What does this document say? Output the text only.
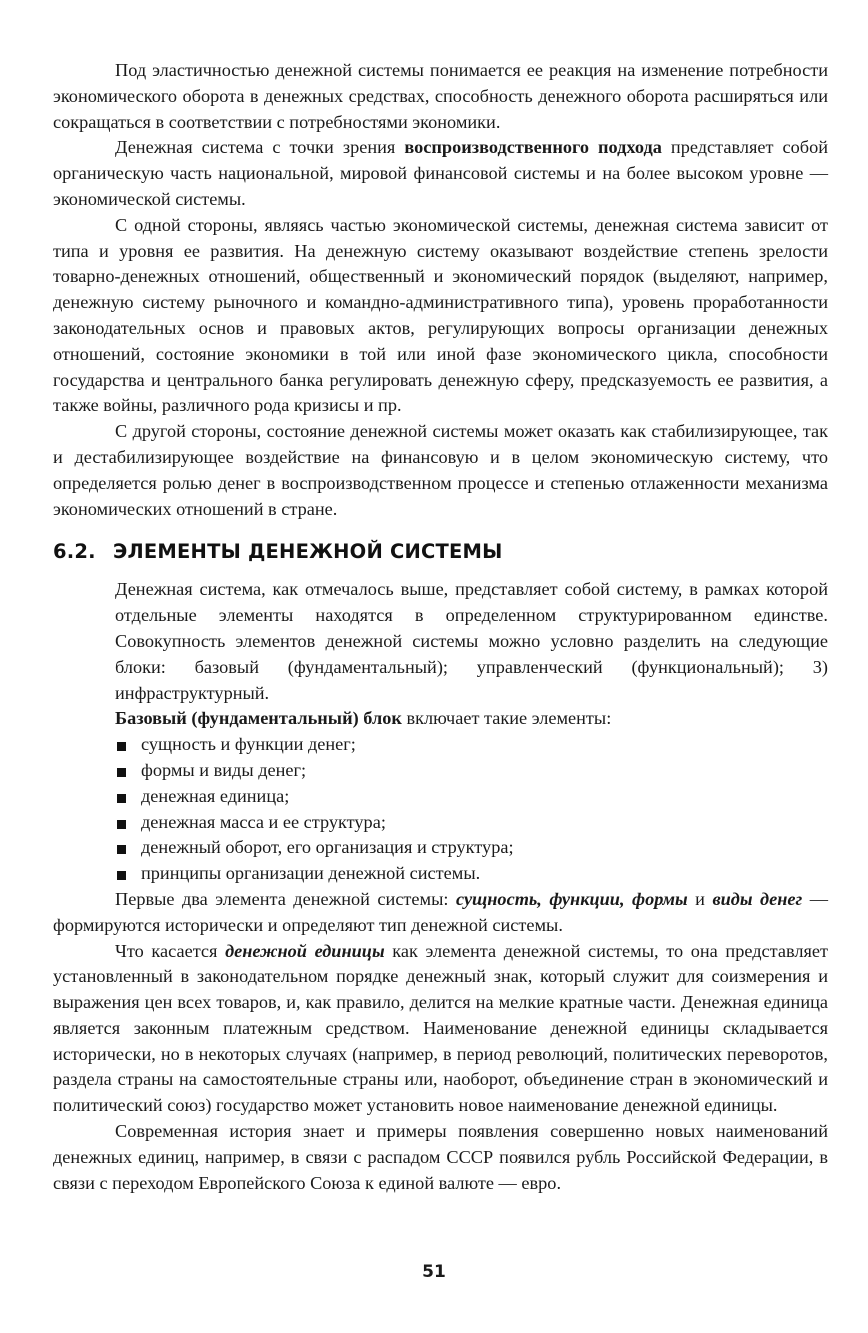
Под эластичностью денежной системы понимается ее реакция на изменение потребности экономического оборота в денежных средствах, способность денежного оборота расширяться или сокращаться в соответствии с потребностями экономики.

Денежная система с точки зрения воспроизводственного подхода представляет собой органическую часть национальной, мировой финансовой системы и на более высоком уровне — экономической системы.

С одной стороны, являясь частью экономической системы, денежная система зависит от типа и уровня ее развития. На денежную систему оказывают воздействие степень зрелости товарно-денежных отношений, общественный и экономический порядок (выделяют, например, денежную систему рыночного и командно-административного типа), уровень проработанности законодательных основ и правовых актов, регулирующих вопросы организации денежных отношений, состояние экономики в той или иной фазе экономического цикла, способности государства и центрального банка регулировать денежную сферу, предсказуемость ее развития, а также войны, различного рода кризисы и пр.

С другой стороны, состояние денежной системы может оказать как стабилизирующее, так и дестабилизирующее воздействие на финансовую и в целом экономическую систему, что определяется ролью денег в воспроизводственном процессе и степенью отлаженности механизма экономических отношений в стране.

6.2. ЭЛЕМЕНТЫ ДЕНЕЖНОЙ СИСТЕМЫ

Денежная система, как отмечалось выше, представляет собой систему, в рамках которой отдельные элементы находятся в определенном структурированном единстве. Совокупность элементов денежной системы можно условно разделить на следующие блоки: базовый (фундаментальный); управленческий (функциональный); 3) инфраструктурный.

Базовый (фундаментальный) блок включает такие элементы:

сущность и функции денег;
формы и виды денег;
денежная единица;
денежная масса и ее структура;
денежный оборот, его организация и структура;
принципы организации денежной системы.

Первые два элемента денежной системы: сущность, функции, формы и виды денег — формируются исторически и определяют тип денежной системы.

Что касается денежной единицы как элемента денежной системы, то она представляет установленный в законодательном порядке денежный знак, который служит для соизмерения и выражения цен всех товаров, и, как правило, делится на мелкие кратные части. Денежная единица является законным платежным средством. Наименование денежной единицы складывается исторически, но в некоторых случаях (например, в период революций, политических переворотов, раздела страны на самостоятельные страны или, наоборот, объединение стран в экономический и политический союз) государство может установить новое наименование денежной единицы.

Современная история знает и примеры появления совершенно новых наименований денежных единиц, например, в связи с распадом СССР появился рубль Российской Федерации, в связи с переходом Европейского Союза к единой валюте — евро.

51
